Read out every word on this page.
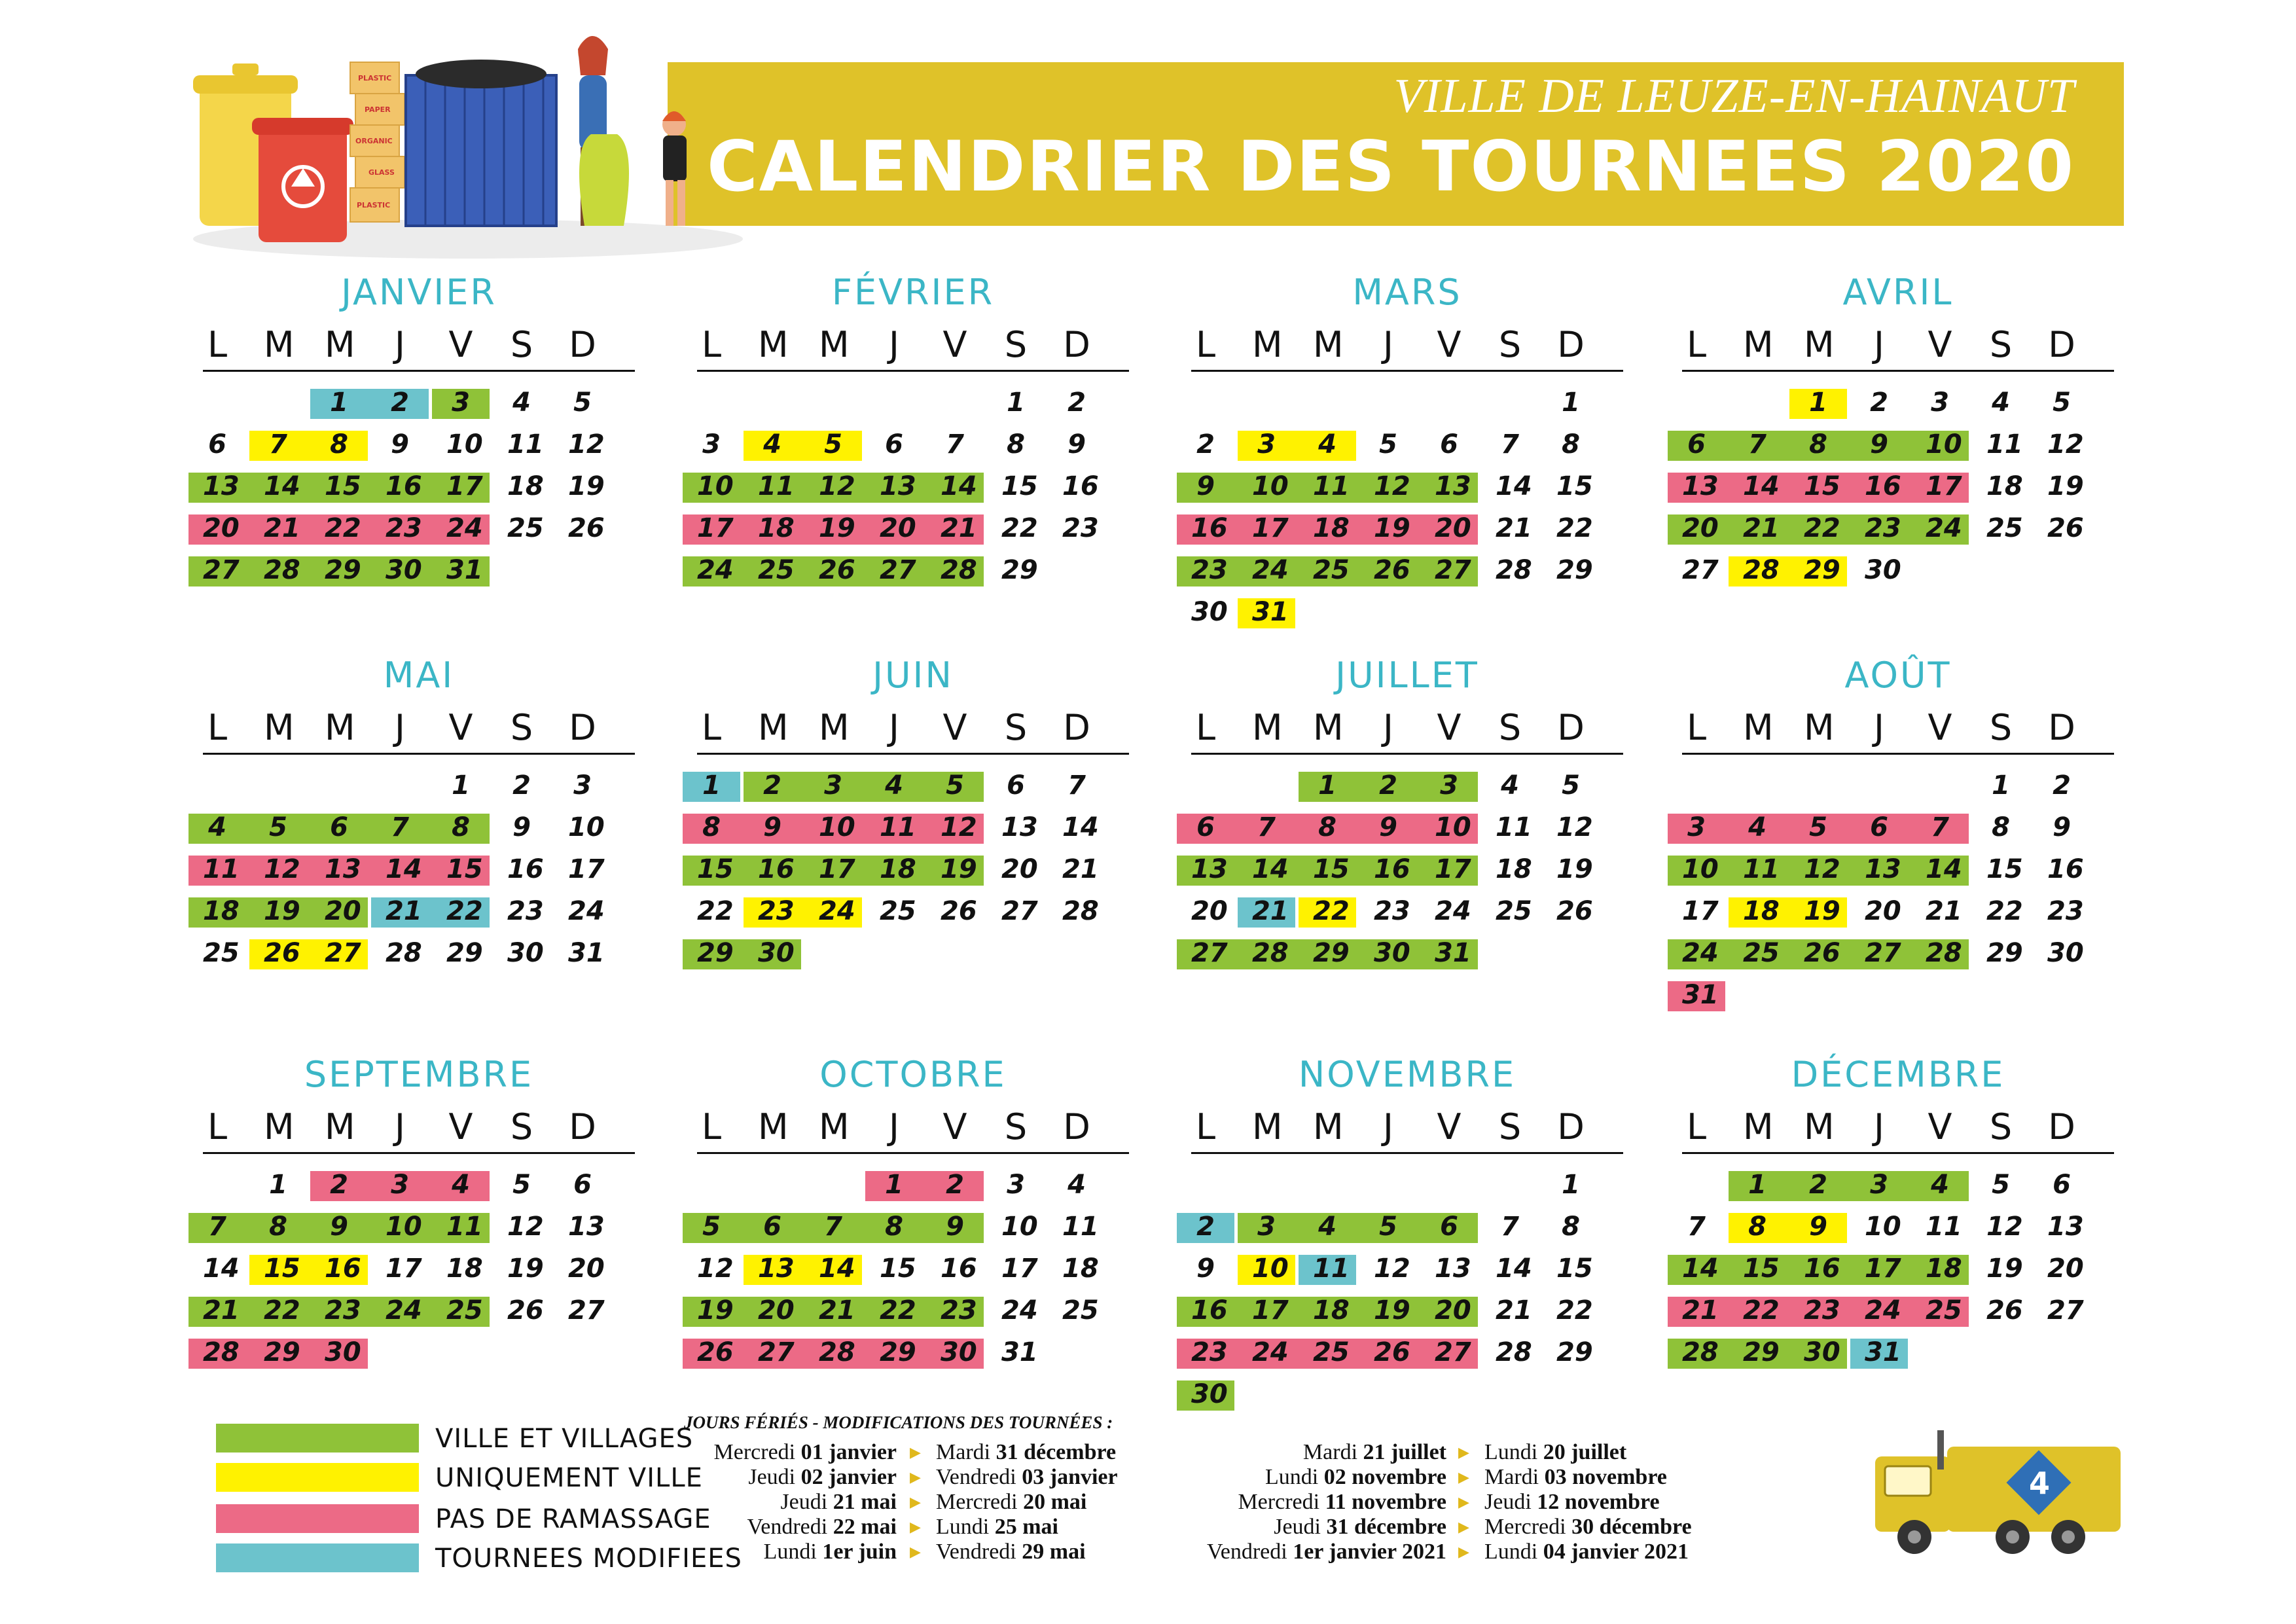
VILLE DE LEUZE-EN-HAINAUT
CALENDRIER DES TOURNEES 2020
PLASTIC
PAPER
ORGANIC
GLASS
PLASTIC
JANVIER
L M M J V S D
1 2 3 4 5
6 7 8 9 10 11 12
13 14 15 16 17 18 19
20 21 22 23 24 25 26
27 28 29 30 31
FÉVRIER
L M M J V S D
1 2
3 4 5 6 7 8 9
10 11 12 13 14 15 16
17 18 19 20 21 22 23
24 25 26 27 28 29
MARS
L M M J V S D
1
2 3 4 5 6 7 8
9 10 11 12 13 14 15
16 17 18 19 20 21 22
23 24 25 26 27 28 29
30 31
AVRIL
L M M J V S D
1 2 3 4 5
6 7 8 9 10 11 12
13 14 15 16 17 18 19
20 21 22 23 24 25 26
27 28 29 30
MAI
L M M J V S D
1 2 3
4 5 6 7 8 9 10
11 12 13 14 15 16 17
18 19 20 21 22 23 24
25 26 27 28 29 30 31
JUIN
L M M J V S D
1 2 3 4 5 6 7
8 9 10 11 12 13 14
15 16 17 18 19 20 21
22 23 24 25 26 27 28
29 30
JUILLET
L M M J V S D
1 2 3 4 5
6 7 8 9 10 11 12
13 14 15 16 17 18 19
20 21 22 23 24 25 26
27 28 29 30 31
AOÛT
L M M J V S D
1 2
3 4 5 6 7 8 9
10 11 12 13 14 15 16
17 18 19 20 21 22 23
24 25 26 27 28 29 30
31
SEPTEMBRE
L M M J V S D
1 2 3 4 5 6
7 8 9 10 11 12 13
14 15 16 17 18 19 20
21 22 23 24 25 26 27
28 29 30
OCTOBRE
L M M J V S D
1 2 3 4
5 6 7 8 9 10 11
12 13 14 15 16 17 18
19 20 21 22 23 24 25
26 27 28 29 30 31
NOVEMBRE
L M M J V S D
1
2 3 4 5 6 7 8
9 10 11 12 13 14 15
16 17 18 19 20 21 22
23 24 25 26 27 28 29
30
DÉCEMBRE
L M M J V S D
1 2 3 4 5 6
7 8 9 10 11 12 13
14 15 16 17 18 19 20
21 22 23 24 25 26 27
28 29 30 31
VILLE ET VILLAGES
UNIQUEMENT VILLE
PAS DE RAMASSAGE
TOURNEES MODIFIEES
JOURS FÉRIÉS - MODIFICATIONS DES TOURNÉES :
Mercredi 01 janvier ▶ Mardi 31 décembre
Jeudi 02 janvier ▶ Vendredi 03 janvier
Jeudi 21 mai ▶ Mercredi 20 mai
Vendredi 22 mai ▶ Lundi 25 mai
Lundi 1er juin ▶ Vendredi 29 mai
Mardi 21 juillet ▶ Lundi 20 juillet
Lundi 02 novembre ▶ Mardi 03 novembre
Mercredi 11 novembre ▶ Jeudi 12 novembre
Jeudi 31 décembre ▶ Mercredi 30 décembre
Vendredi 1er janvier 2021 ▶ Lundi 04 janvier 2021
4
